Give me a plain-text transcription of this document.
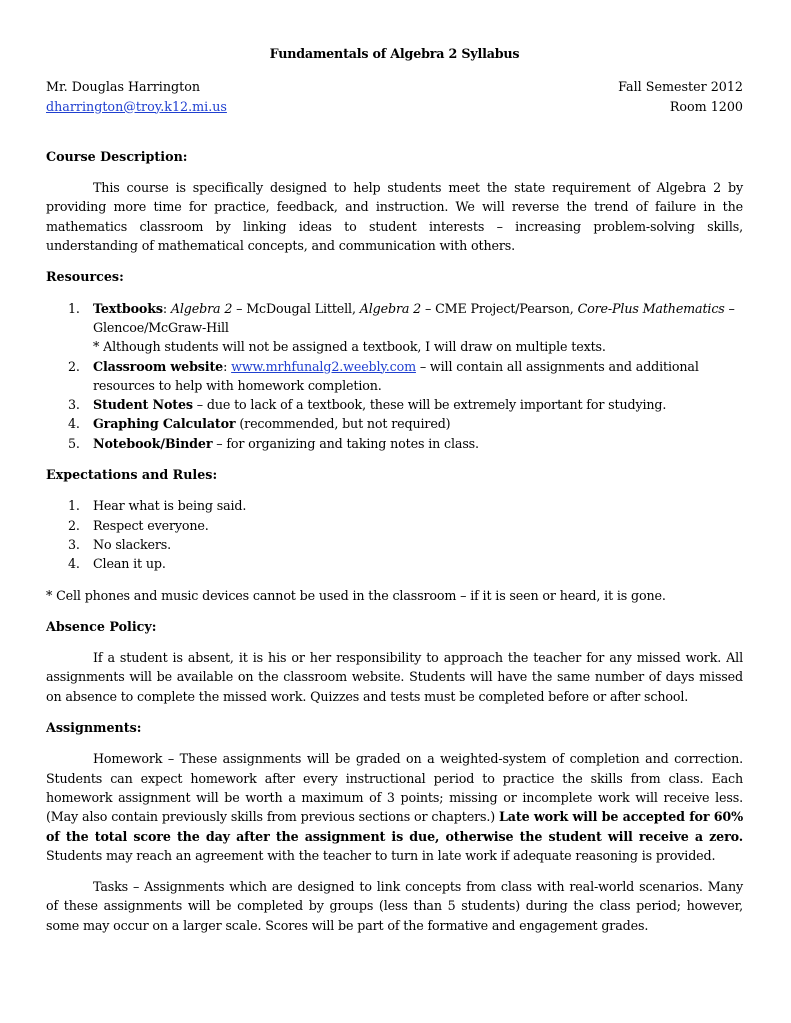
Fundamentals of Algebra 2 Syllabus
Mr. Douglas Harrington	Fall Semester 2012
dharrington@troy.k12.mi.us	Room 1200
Course Description:

This course is specifically designed to help students meet the state requirement of Algebra 2 by providing more time for practice, feedback, and instruction. We will reverse the trend of failure in the mathematics classroom by linking ideas to student interests – increasing problem-solving skills, understanding of mathematical concepts, and communication with others.

Resources:
1. Textbooks: Algebra 2 – McDougal Littell, Algebra 2 – CME Project/Pearson, Core-Plus Mathematics – Glencoe/McGraw-Hill
* Although students will not be assigned a textbook, I will draw on multiple texts.
2. Classroom website: www.mrhfunalg2.weebly.com – will contain all assignments and additional resources to help with homework completion.
3. Student Notes – due to lack of a textbook, these will be extremely important for studying.
4. Graphing Calculator (recommended, but not required)
5. Notebook/Binder – for organizing and taking notes in class.
Expectations and Rules:
1. Hear what is being said.
2. Respect everyone.
3. No slackers.
4. Clean it up.

* Cell phones and music devices cannot be used in the classroom – if it is seen or heard, it is gone.

Absence Policy:

If a student is absent, it is his or her responsibility to approach the teacher for any missed work. All assignments will be available on the classroom website. Students will have the same number of days missed on absence to complete the missed work. Quizzes and tests must be completed before or after school.

Assignments:

Homework – These assignments will be graded on a weighted-system of completion and correction. Students can expect homework after every instructional period to practice the skills from class. Each homework assignment will be worth a maximum of 3 points; missing or incomplete work will receive less. (May also contain previously skills from previous sections or chapters.) Late work will be accepted for 60% of the total score the day after the assignment is due, otherwise the student will receive a zero. Students may reach an agreement with the teacher to turn in late work if adequate reasoning is provided.

Tasks – Assignments which are designed to link concepts from class with real-world scenarios. Many of these assignments will be completed by groups (less than 5 students) during the class period; however, some may occur on a larger scale. Scores will be part of the formative and engagement grades.
